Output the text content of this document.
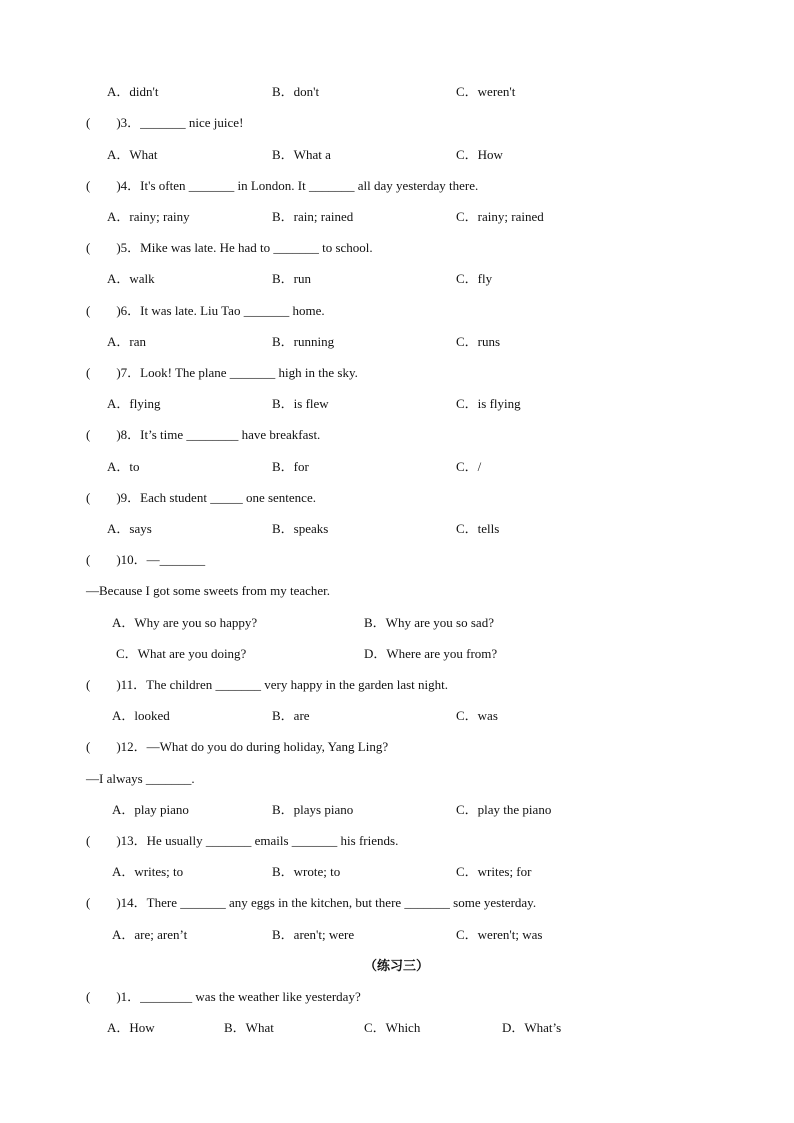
A．didn't	B．don't	C．weren't
(　　)3．_______ nice juice!
A．What	B．What a	C．How
(　　)4．It's often _______ in London. It _______ all day yesterday there.
A．rainy; rainy	B．rain; rained	C．rainy; rained
(　　)5．Mike was late. He had to _______ to school.
A．walk	B．run	C．fly
(　　)6．It was late. Liu Tao _______ home.
A．ran	B．running	C．runs
(　　)7．Look! The plane _______ high in the sky.
A．flying	B．is flew	C．is flying
(　　)8．It’s time ________ have breakfast.
A．to	B．for	C．/
(　　)9．Each student _____ one sentence.
A．says	B．speaks	C．tells
(　　)10．—_______
—Because I got some sweets from my teacher.
A．Why are you so happy?	B．Why are you so sad?
C．What are you doing?	D．Where are you from?
(　　)11．The children _______ very happy in the garden last night.
A．looked	B．are	C．was
(　　)12．—What do you do during holiday, Yang Ling?
—I always _______.
A．play piano	B．plays piano	C．play the piano
(　　)13．He usually _______ emails _______ his friends.
A．writes; to	B．wrote; to	C．writes; for
(　　)14．There _______ any eggs in the kitchen, but there _______ some yesterday.
A．are; aren’t	B．aren't; were	C．weren't; was
（练习三）
(　　)1．________ was the weather like yesterday?
A．How	B．What	C．Which	D．What’s
